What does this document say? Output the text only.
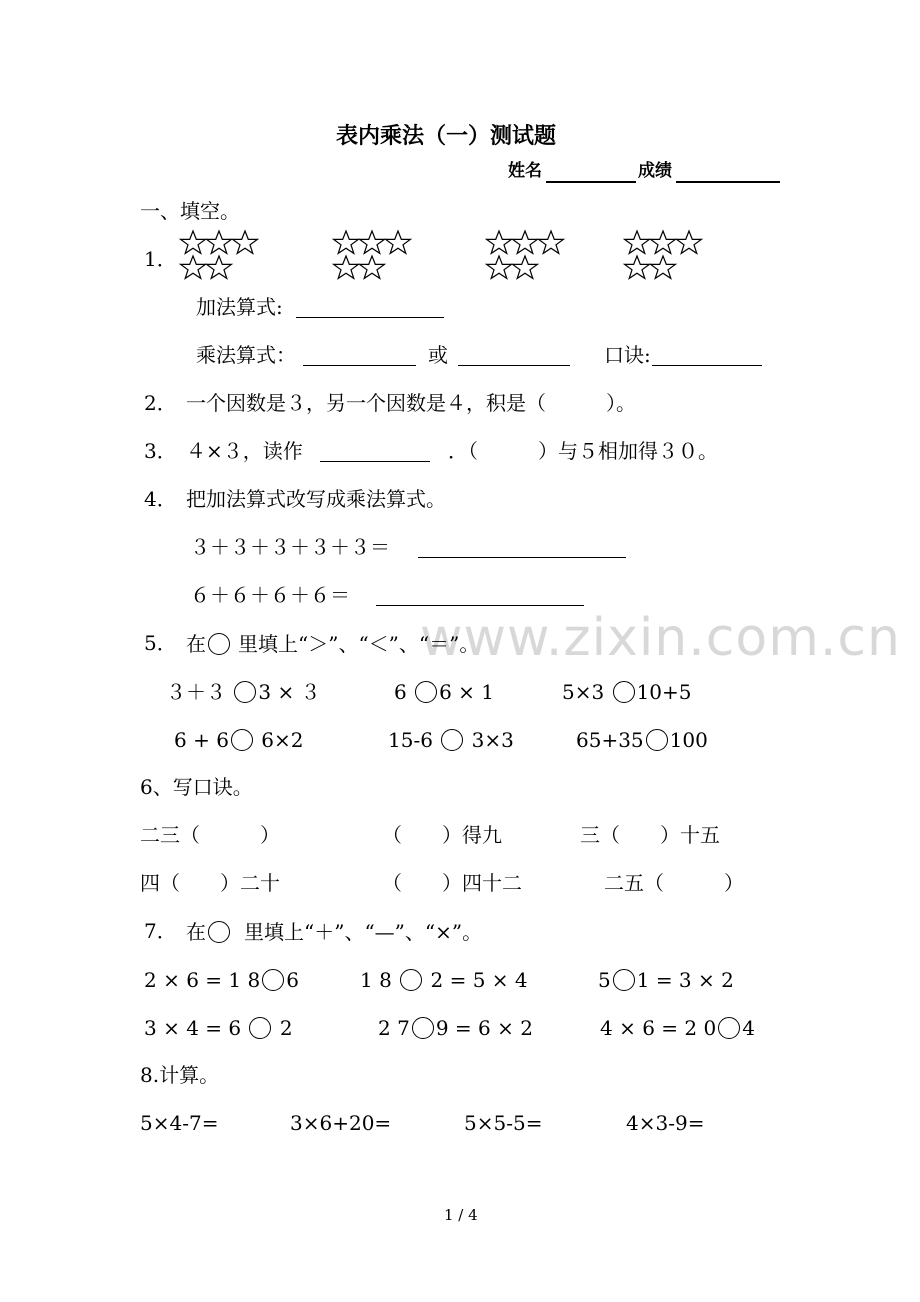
表内乘法（一）测试题
姓名	成绩
一、填空。
1．
加法算式:
乘法算式：	或	口诀:
2． 一个因数是３，另一个因数是４，积是（　　　）。
3． ４×３，读作	．（　　　）与５相加得３０。
4． 把加法算式改写成乘法算式。
３＋３＋３＋３＋３＝
６＋６＋６＋６＝
www.zixin.com.cn
5． 在 里填上“＞”、“＜”、“＝”。
３＋３ 3 × ３	6 6 × 1	5×3 10+5
6 + 6 6×2	15-6 3×3	65+35 100
6、写口诀。
二三（　　　）	（　　）得九	三（　　）十五
四（　　）二十	（　　）四十二	二五（　　　）
7． 在 里填上“＋”、“—”、“×”。
2 × 6 = 1 8 6	1 8 2 = 5 × 4	5 1 = 3 × 2
3 × 4 = 6 2	2 7 9 = 6 × 2	4 × 6 = 2 0 4
8.计算。
5×4-7=	3×6+20=	5×5-5=	4×3-9=
1 / 4
